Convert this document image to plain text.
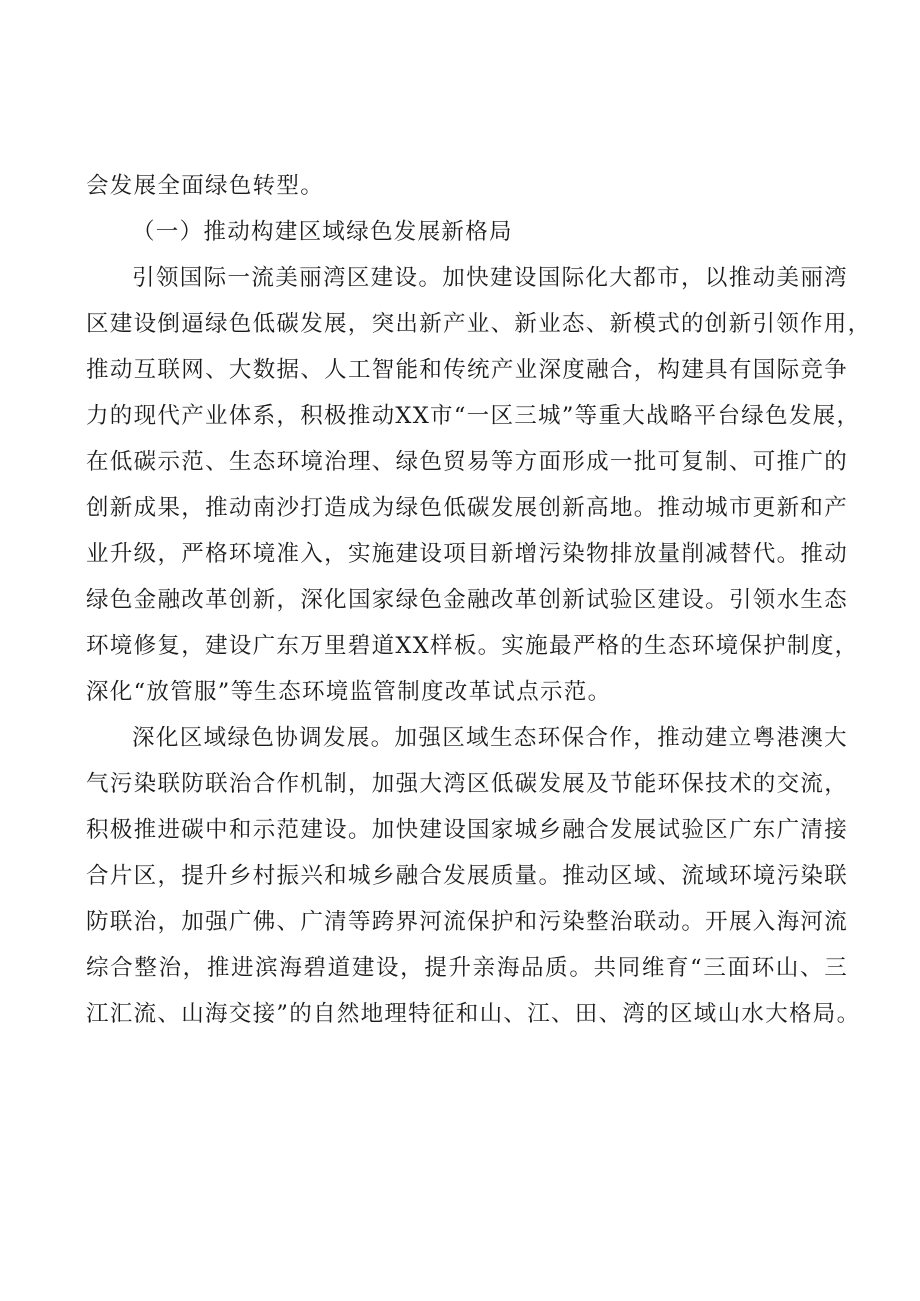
会发展全面绿色转型。
（一）推动构建区域绿色发展新格局
引领国际一流美丽湾区建设。加快建设国际化大都市，以推动美丽湾
区建设倒逼绿色低碳发展，突出新产业、新业态、新模式的创新引领作用，
推动互联网、大数据、人工智能和传统产业深度融合，构建具有国际竞争
力的现代产业体系，积极推动XX市“一区三城”等重大战略平台绿色发展，
在低碳示范、生态环境治理、绿色贸易等方面形成一批可复制、可推广的
创新成果，推动南沙打造成为绿色低碳发展创新高地。推动城市更新和产
业升级，严格环境准入，实施建设项目新增污染物排放量削减替代。推动
绿色金融改革创新，深化国家绿色金融改革创新试验区建设。引领水生态
环境修复，建设广东万里碧道XX样板。实施最严格的生态环境保护制度，
深化“放管服”等生态环境监管制度改革试点示范。
深化区域绿色协调发展。加强区域生态环保合作，推动建立粤港澳大
气污染联防联治合作机制，加强大湾区低碳发展及节能环保技术的交流，
积极推进碳中和示范建设。加快建设国家城乡融合发展试验区广东广清接
合片区，提升乡村振兴和城乡融合发展质量。推动区域、流域环境污染联
防联治，加强广佛、广清等跨界河流保护和污染整治联动。开展入海河流
综合整治，推进滨海碧道建设，提升亲海品质。共同维育“三面环山、三
江汇流、山海交接”的自然地理特征和山、江、田、湾的区域山水大格局。
